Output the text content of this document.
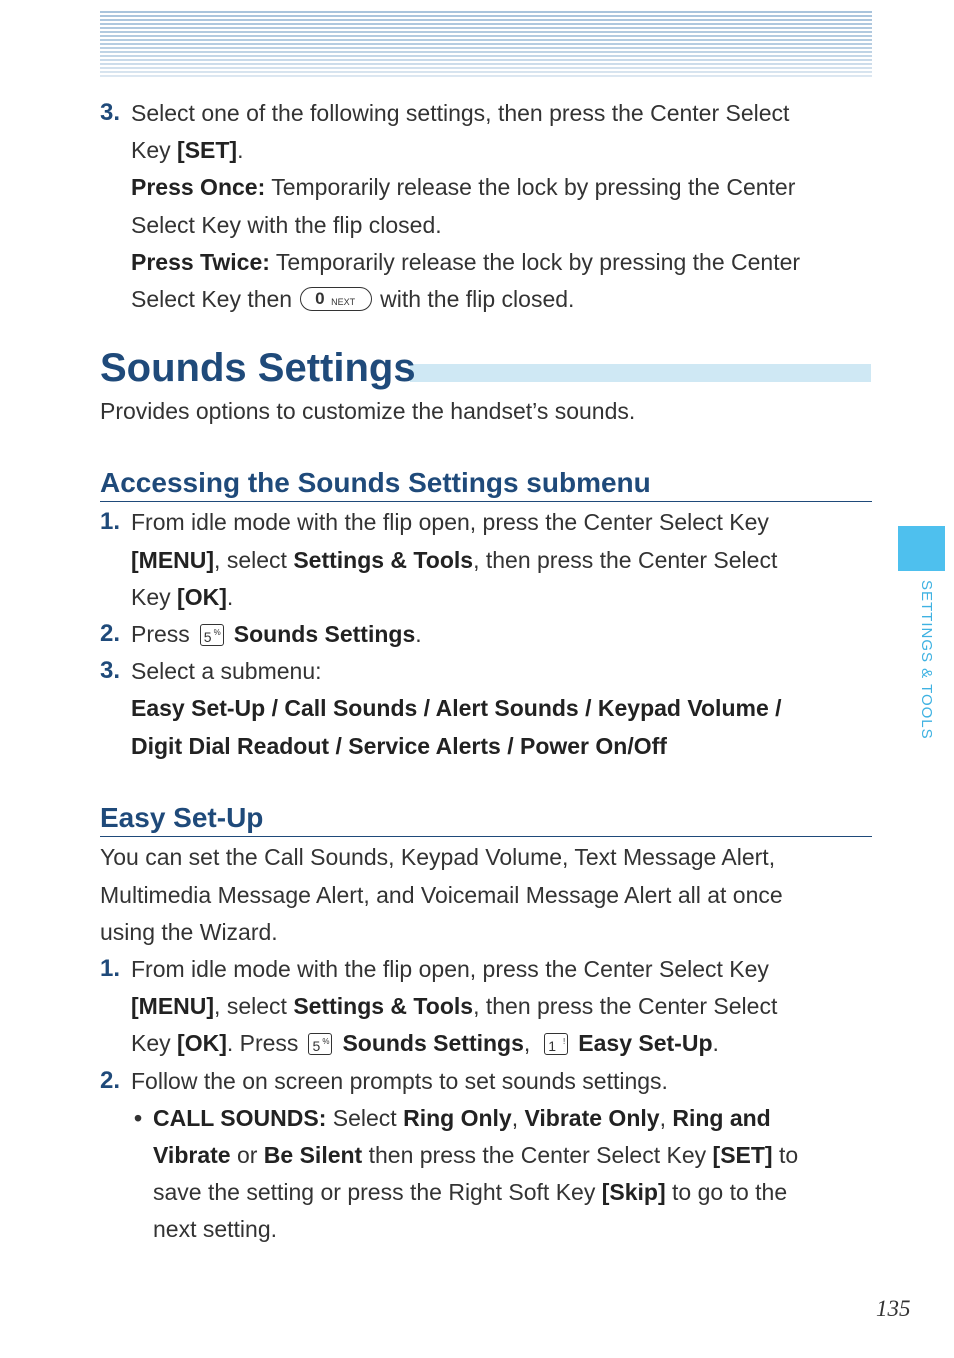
3. Select one of the following settings, then press the Center Select
Key [SET].
Press Once: Temporarily release the lock by pressing the Center
Select Key with the flip closed.
Press Twice: Temporarily release the lock by pressing the Center
Select Key then 0 NEXT with the flip closed.
Sounds Settings
Provides options to customize the handset’s sounds.
Accessing the Sounds Settings submenu
1. From idle mode with the flip open, press the Center Select Key
[MENU], select Settings & Tools, then press the Center Select
Key [OK].
2. Press 5 % Sounds Settings.
3. Select a submenu:
Easy Set-Up / Call Sounds / Alert Sounds / Keypad Volume /
Digit Dial Readout / Service Alerts / Power On/Off
Easy Set-Up
You can set the Call Sounds, Keypad Volume, Text Message Alert,
Multimedia Message Alert, and Voicemail Message Alert all at once
using the Wizard.
1. From idle mode with the flip open, press the Center Select Key
[MENU], select Settings & Tools, then press the Center Select
Key [OK]. Press 5 % Sounds Settings, 1 ! Easy Set-Up.
2. Follow the on screen prompts to set sounds settings.
• CALL SOUNDS: Select Ring Only, Vibrate Only, Ring and
Vibrate or Be Silent then press the Center Select Key [SET] to
save the setting or press the Right Soft Key [Skip] to go to the
next setting.
SETTINGS & TOOLS
135
